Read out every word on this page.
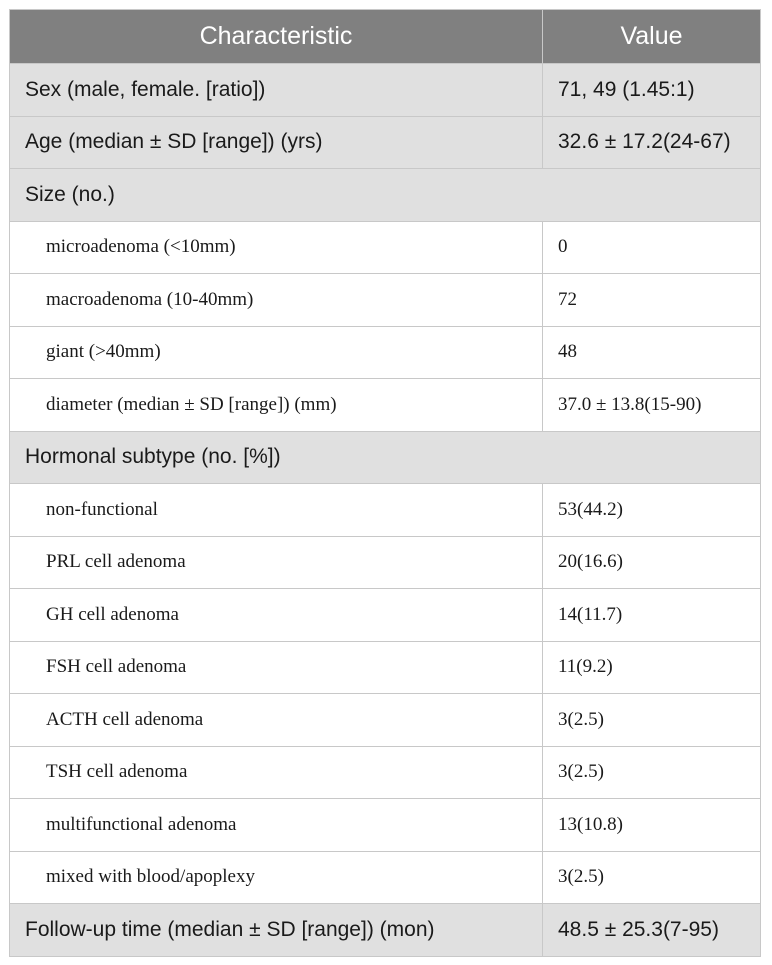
Characteristic	Value
Sex (male, female. [ratio])	71, 49 (1.45:1)
Age (median ± SD [range]) (yrs)	32.6 ± 17.2(24-67)
Size (no.)	
microadenoma (<10mm)	0
macroadenoma (10-40mm)	72
giant (>40mm)	48
diameter (median ± SD [range]) (mm)	37.0 ± 13.8(15-90)
Hormonal subtype (no. [%])	
non-functional	53(44.2)
PRL cell adenoma	20(16.6)
GH cell adenoma	14(11.7)
FSH cell adenoma	11(9.2)
ACTH cell adenoma	3(2.5)
TSH cell adenoma	3(2.5)
multifunctional adenoma	13(10.8)
mixed with blood/apoplexy	3(2.5)
Follow-up time (median ± SD [range]) (mon)	48.5 ± 25.3(7-95)
